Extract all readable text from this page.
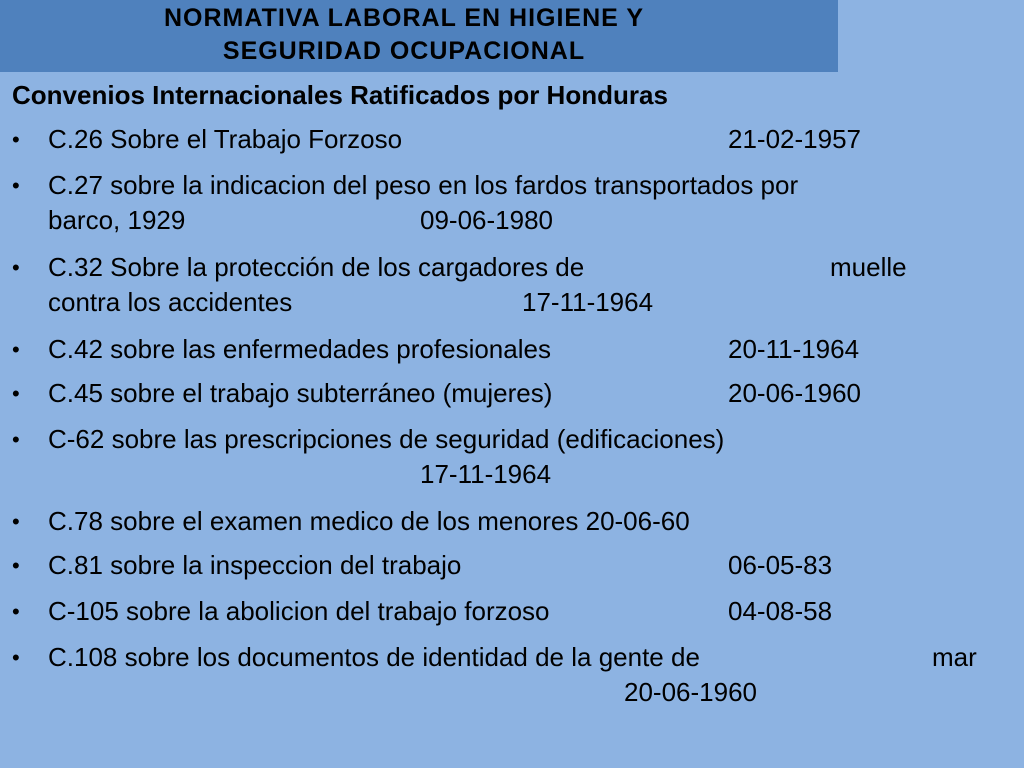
NORMATIVA LABORAL EN HIGIENE Y
SEGURIDAD OCUPACIONAL
Convenios Internacionales Ratificados por Honduras
• C.26 Sobre el Trabajo Forzoso	21-02-1957
• C.27 sobre la indicacion del peso en los fardos transportados por
barco, 1929	09-06-1980
• C.32 Sobre la protección de los cargadores de	muelle
contra los accidentes	17-11-1964
• C.42 sobre las enfermedades profesionales	20-11-1964
• C.45 sobre el trabajo subterráneo (mujeres)	20-06-1960
• C-62 sobre las prescripciones de seguridad (edificaciones)
17-11-1964
• C.78 sobre el examen medico de los menores 20-06-60
• C.81 sobre la inspeccion del trabajo	06-05-83
• C-105 sobre la abolicion del trabajo forzoso	04-08-58
• C.108 sobre los documentos de identidad de la gente de	mar
20-06-1960
